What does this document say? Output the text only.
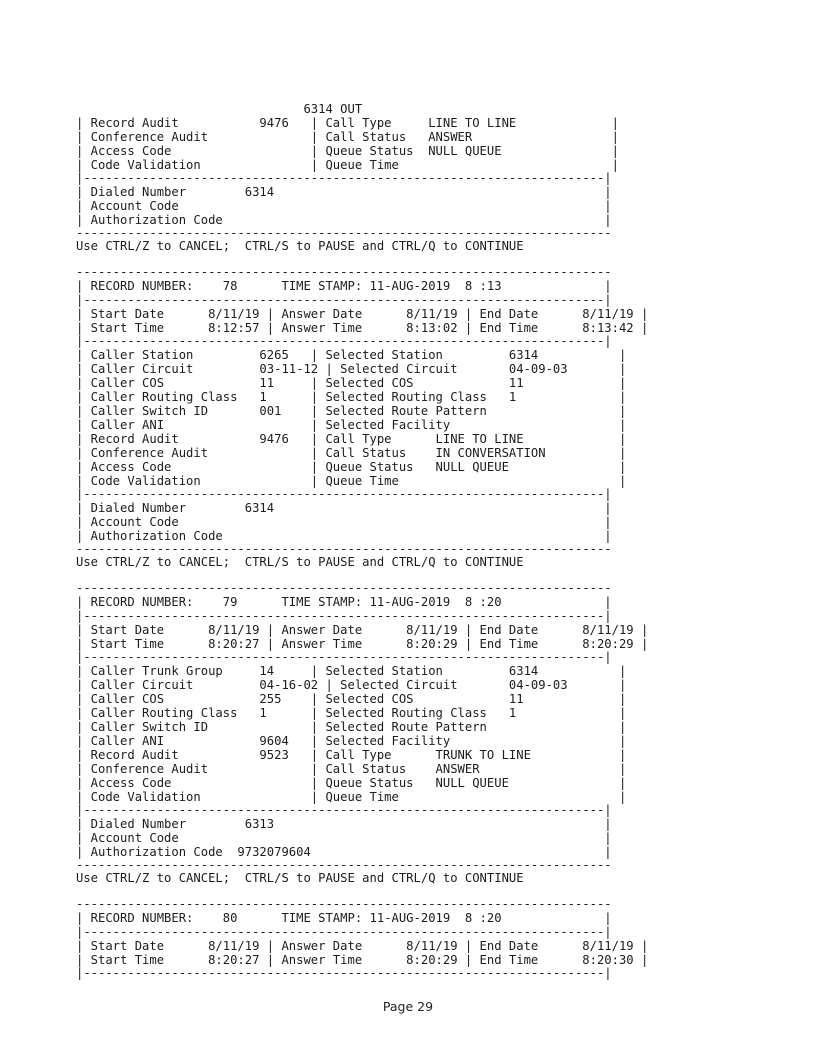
6314 OUT
| Record Audit           9476   | Call Type     LINE TO LINE             |
| Conference Audit              | Call Status   ANSWER                   |
| Access Code                   | Queue Status  NULL QUEUE               |
| Code Validation               | Queue Time                             |
|-----------------------------------------------------------------------|
| Dialed Number        6314                                             |
| Account Code                                                          |
| Authorization Code                                                    |
-------------------------------------------------------------------------
Use CTRL/Z to CANCEL;  CTRL/S to PAUSE and CTRL/Q to CONTINUE
-------------------------------------------------------------------------
| RECORD NUMBER:    78      TIME STAMP: 11-AUG-2019  8 :13              |
|-----------------------------------------------------------------------|
| Start Date      8/11/19 | Answer Date      8/11/19 | End Date      8/11/19 |
| Start Time      8:12:57 | Answer Time      8:13:02 | End Time      8:13:42 |
|-----------------------------------------------------------------------|
| Caller Station         6265   | Selected Station         6314           |
| Caller Circuit         03-11-12 | Selected Circuit       04-09-03       |
| Caller COS             11     | Selected COS             11             |
| Caller Routing Class   1      | Selected Routing Class   1              |
| Caller Switch ID       001    | Selected Route Pattern                  |
| Caller ANI                    | Selected Facility                       |
| Record Audit           9476   | Call Type      LINE TO LINE             |
| Conference Audit              | Call Status    IN CONVERSATION          |
| Access Code                   | Queue Status   NULL QUEUE               |
| Code Validation               | Queue Time                              |
|-----------------------------------------------------------------------|
| Dialed Number        6314                                             |
| Account Code                                                          |
| Authorization Code                                                    |
-------------------------------------------------------------------------
Use CTRL/Z to CANCEL;  CTRL/S to PAUSE and CTRL/Q to CONTINUE
-------------------------------------------------------------------------
| RECORD NUMBER:    79      TIME STAMP: 11-AUG-2019  8 :20              |
|-----------------------------------------------------------------------|
| Start Date      8/11/19 | Answer Date      8/11/19 | End Date      8/11/19 |
| Start Time      8:20:27 | Answer Time      8:20:29 | End Time      8:20:29 |
|-----------------------------------------------------------------------|
| Caller Trunk Group     14     | Selected Station         6314           |
| Caller Circuit         04-16-02 | Selected Circuit       04-09-03       |
| Caller COS             255    | Selected COS             11             |
| Caller Routing Class   1      | Selected Routing Class   1              |
| Caller Switch ID              | Selected Route Pattern                  |
| Caller ANI             9604   | Selected Facility                       |
| Record Audit           9523   | Call Type      TRUNK TO LINE            |
| Conference Audit              | Call Status    ANSWER                   |
| Access Code                   | Queue Status   NULL QUEUE               |
| Code Validation               | Queue Time                              |
|-----------------------------------------------------------------------|
| Dialed Number        6313                                             |
| Account Code                                                          |
| Authorization Code  9732079604                                        |
-------------------------------------------------------------------------
Use CTRL/Z to CANCEL;  CTRL/S to PAUSE and CTRL/Q to CONTINUE
-------------------------------------------------------------------------
| RECORD NUMBER:    80      TIME STAMP: 11-AUG-2019  8 :20              |
|-----------------------------------------------------------------------|
| Start Date      8/11/19 | Answer Date      8/11/19 | End Date      8/11/19 |
| Start Time      8:20:27 | Answer Time      8:20:29 | End Time      8:20:30 |
|-----------------------------------------------------------------------|
Page 29
